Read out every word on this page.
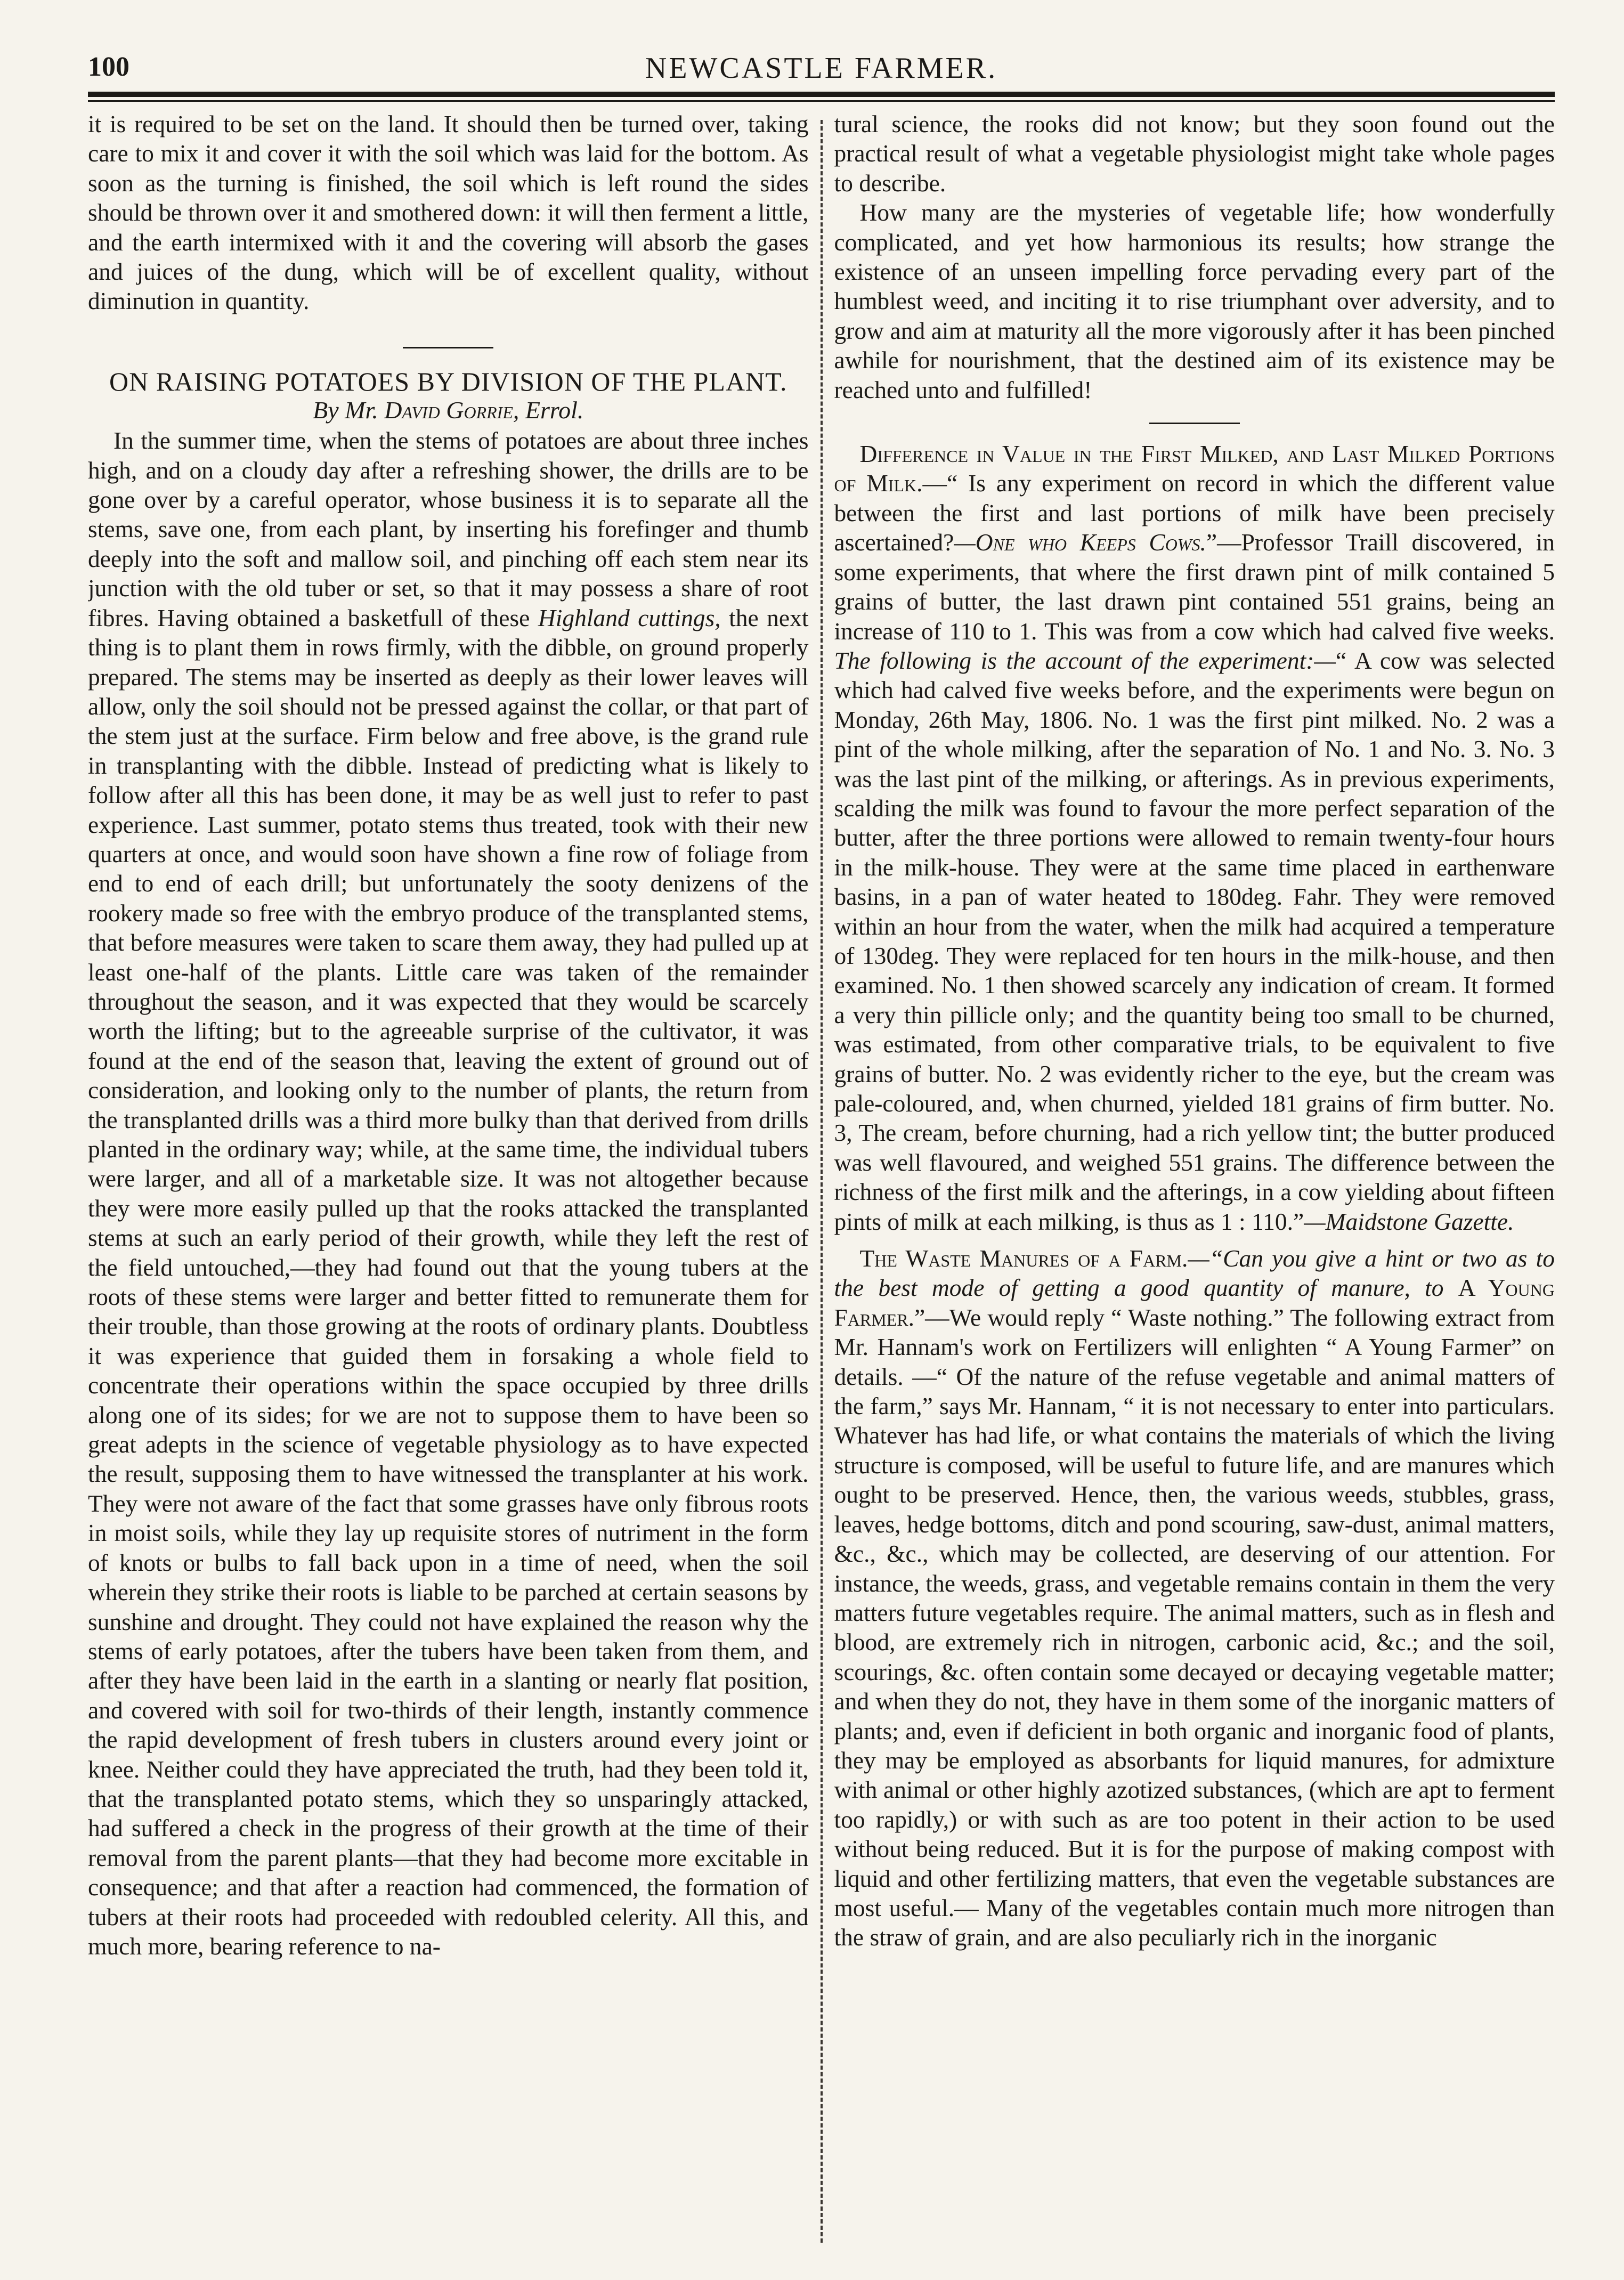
100	NEWCASTLE FARMER.

it is required to be set on the land. It should then be turned over, taking care to mix it and cover it with the soil which was laid for the bottom. As soon as the turning is finished, the soil which is left round the sides should be thrown over it and smothered down: it will then ferment a little, and the earth intermixed with it and the covering will absorb the gases and juices of the dung, which will be of excellent quality, without diminution in quantity.

ON RAISING POTATOES BY DIVISION OF THE PLANT.

By Mr. David Gorrie, Errol.

In the summer time, when the stems of potatoes are about three inches high, and on a cloudy day after a refreshing shower, the drills are to be gone over by a careful operator, whose business it is to separate all the stems, save one, from each plant, by inserting his forefinger and thumb deeply into the soft and mallow soil, and pinching off each stem near its junction with the old tuber or set, so that it may possess a share of root fibres. Having obtained a basketfull of these Highland cuttings, the next thing is to plant them in rows firmly, with the dibble, on ground properly prepared. The stems may be inserted as deeply as their lower leaves will allow, only the soil should not be pressed against the collar, or that part of the stem just at the surface. Firm below and free above, is the grand rule in transplanting with the dibble. Instead of predicting what is likely to follow after all this has been done, it may be as well just to refer to past experience. Last summer, potato stems thus treated, took with their new quarters at once, and would soon have shown a fine row of foliage from end to end of each drill; but unfortunately the sooty denizens of the rookery made so free with the embryo produce of the transplanted stems, that before measures were taken to scare them away, they had pulled up at least one-half of the plants. Little care was taken of the remainder throughout the season, and it was expected that they would be scarcely worth the lifting; but to the agreeable surprise of the cultivator, it was found at the end of the season that, leaving the extent of ground out of consideration, and looking only to the number of plants, the return from the transplanted drills was a third more bulky than that derived from drills planted in the ordinary way; while, at the same time, the individual tubers were larger, and all of a marketable size. It was not altogether because they were more easily pulled up that the rooks attacked the transplanted stems at such an early period of their growth, while they left the rest of the field untouched,—they had found out that the young tubers at the roots of these stems were larger and better fitted to remunerate them for their trouble, than those growing at the roots of ordinary plants. Doubtless it was experience that guided them in forsaking a whole field to concentrate their operations within the space occupied by three drills along one of its sides; for we are not to suppose them to have been so great adepts in the science of vegetable physiology as to have expected the result, supposing them to have witnessed the transplanter at his work. They were not aware of the fact that some grasses have only fibrous roots in moist soils, while they lay up requisite stores of nutriment in the form of knots or bulbs to fall back upon in a time of need, when the soil wherein they strike their roots is liable to be parched at certain seasons by sunshine and drought. They could not have explained the reason why the stems of early potatoes, after the tubers have been taken from them, and after they have been laid in the earth in a slanting or nearly flat position, and covered with soil for two-thirds of their length, instantly commence the rapid development of fresh tubers in clusters around every joint or knee. Neither could they have appreciated the truth, had they been told it, that the transplanted potato stems, which they so unsparingly attacked, had suffered a check in the progress of their growth at the time of their removal from the parent plants—that they had become more excitable in consequence; and that after a reaction had commenced, the formation of tubers at their roots had proceeded with redoubled celerity. All this, and much more, bearing reference to na-

tural science, the rooks did not know; but they soon found out the practical result of what a vegetable physiologist might take whole pages to describe.

How many are the mysteries of vegetable life; how wonderfully complicated, and yet how harmonious its results; how strange the existence of an unseen impelling force pervading every part of the humblest weed, and inciting it to rise triumphant over adversity, and to grow and aim at maturity all the more vigorously after it has been pinched awhile for nourishment, that the destined aim of its existence may be reached unto and fulfilled!

Difference in Value in the First Milked, and Last Milked Portions of Milk.—“ Is any experiment on record in which the different value between the first and last portions of milk have been precisely ascertained?—One who Keeps Cows.”—Professor Traill discovered, in some experiments, that where the first drawn pint of milk contained 5 grains of butter, the last drawn pint contained 551 grains, being an increase of 110 to 1. This was from a cow which had calved five weeks. The following is the account of the experiment:—“ A cow was selected which had calved five weeks before, and the experiments were begun on Monday, 26th May, 1806. No. 1 was the first pint milked. No. 2 was a pint of the whole milking, after the separation of No. 1 and No. 3. No. 3 was the last pint of the milking, or afterings. As in previous experiments, scalding the milk was found to favour the more perfect separation of the butter, after the three portions were allowed to remain twenty-four hours in the milk-house. They were at the same time placed in earthenware basins, in a pan of water heated to 180deg. Fahr. They were removed within an hour from the water, when the milk had acquired a temperature of 130deg. They were replaced for ten hours in the milk-house, and then examined. No. 1 then showed scarcely any indication of cream. It formed a very thin pillicle only; and the quantity being too small to be churned, was estimated, from other comparative trials, to be equivalent to five grains of butter. No. 2 was evidently richer to the eye, but the cream was pale-coloured, and, when churned, yielded 181 grains of firm butter. No. 3, The cream, before churning, had a rich yellow tint; the butter produced was well flavoured, and weighed 551 grains. The difference between the richness of the first milk and the afterings, in a cow yielding about fifteen pints of milk at each milking, is thus as 1 : 110.”—Maidstone Gazette.

The Waste Manures of a Farm.—“Can you give a hint or two as to the best mode of getting a good quantity of manure, to A Young Farmer.”—We would reply “ Waste nothing.” The following extract from Mr. Hannam's work on Fertilizers will enlighten “ A Young Farmer” on details. —“ Of the nature of the refuse vegetable and animal matters of the farm,” says Mr. Hannam, “ it is not necessary to enter into particulars. Whatever has had life, or what contains the materials of which the living structure is composed, will be useful to future life, and are manures which ought to be preserved. Hence, then, the various weeds, stubbles, grass, leaves, hedge bottoms, ditch and pond scouring, saw-dust, animal matters, &c., &c., which may be collected, are deserving of our attention. For instance, the weeds, grass, and vegetable remains contain in them the very matters future vegetables require. The animal matters, such as in flesh and blood, are extremely rich in nitrogen, carbonic acid, &c.; and the soil, scourings, &c. often contain some decayed or decaying vegetable matter; and when they do not, they have in them some of the inorganic matters of plants; and, even if deficient in both organic and inorganic food of plants, they may be employed as absorbants for liquid manures, for admixture with animal or other highly azotized substances, (which are apt to ferment too rapidly,) or with such as are too potent in their action to be used without being reduced. But it is for the purpose of making compost with liquid and other fertilizing matters, that even the vegetable substances are most useful.— Many of the vegetables contain much more nitrogen than the straw of grain, and are also peculiarly rich in the inorganic
